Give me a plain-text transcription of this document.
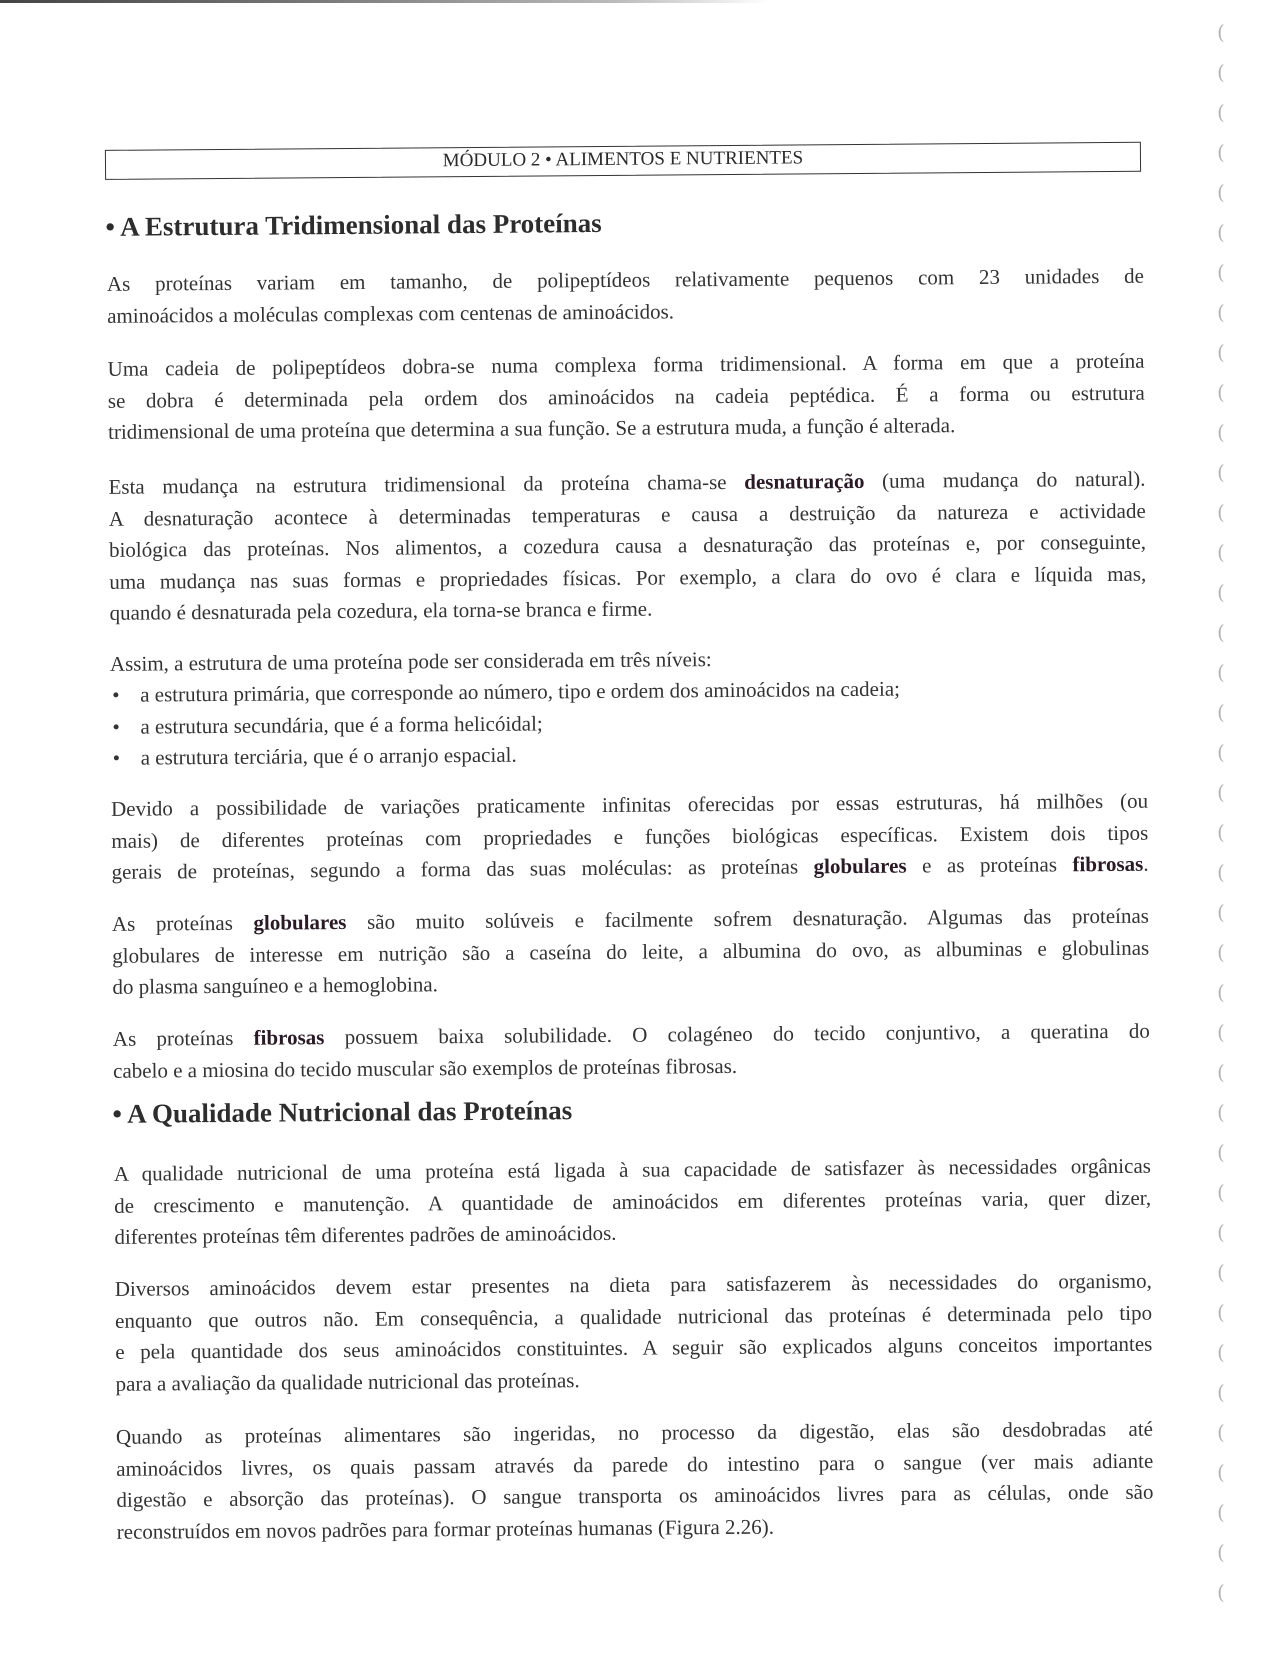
MÓDULO 2 • ALIMENTOS E NUTRIENTES
• A Estrutura Tridimensional das Proteínas
As proteínas variam em tamanho, de polipeptídeos relativamente pequenos com 23 unidades de
aminoácidos a moléculas complexas com centenas de aminoácidos.
Uma cadeia de polipeptídeos dobra-se numa complexa forma tridimensional. A forma em que a proteína
se dobra é determinada pela ordem dos aminoácidos na cadeia peptédica. É a forma ou estrutura
tridimensional de uma proteína que determina a sua função. Se a estrutura muda, a função é alterada.
Esta mudança na estrutura tridimensional da proteína chama-se desnaturação (uma mudança do natural).
A desnaturação acontece à determinadas temperaturas e causa a destruição da natureza e actividade
biológica das proteínas. Nos alimentos, a cozedura causa a desnaturação das proteínas e, por conseguinte,
uma mudança nas suas formas e propriedades físicas. Por exemplo, a clara do ovo é clara e líquida mas,
quando é desnaturada pela cozedura, ela torna-se branca e firme.
Assim, a estrutura de uma proteína pode ser considerada em três níveis:
• a estrutura primária, que corresponde ao número, tipo e ordem dos aminoácidos na cadeia;
• a estrutura secundária, que é a forma helicóidal;
• a estrutura terciária, que é o arranjo espacial.
Devido a possibilidade de variações praticamente infinitas oferecidas por essas estruturas, há milhões (ou
mais) de diferentes proteínas com propriedades e funções biológicas específicas. Existem dois tipos
gerais de proteínas, segundo a forma das suas moléculas: as proteínas globulares e as proteínas fibrosas.
As proteínas globulares são muito solúveis e facilmente sofrem desnaturação. Algumas das proteínas
globulares de interesse em nutrição são a caseína do leite, a albumina do ovo, as albuminas e globulinas
do plasma sanguíneo e a hemoglobina.
As proteínas fibrosas possuem baixa solubilidade. O colagéneo do tecido conjuntivo, a queratina do
cabelo e a miosina do tecido muscular são exemplos de proteínas fibrosas.
• A Qualidade Nutricional das Proteínas
A qualidade nutricional de uma proteína está ligada à sua capacidade de satisfazer às necessidades orgânicas
de crescimento e manutenção. A quantidade de aminoácidos em diferentes proteínas varia, quer dizer,
diferentes proteínas têm diferentes padrões de aminoácidos.
Diversos aminoácidos devem estar presentes na dieta para satisfazerem às necessidades do organismo,
enquanto que outros não. Em consequência, a qualidade nutricional das proteínas é determinada pelo tipo
e pela quantidade dos seus aminoácidos constituintes. A seguir são explicados alguns conceitos importantes
para a avaliação da qualidade nutricional das proteínas.
Quando as proteínas alimentares são ingeridas, no processo da digestão, elas são desdobradas até
aminoácidos livres, os quais passam através da parede do intestino para o sangue (ver mais adiante
digestão e absorção das proteínas). O sangue transporta os aminoácidos livres para as células, onde são
reconstruídos em novos padrões para formar proteínas humanas (Figura 2.26).
(
(
(
(
(
(
(
(
(
(
(
(
(
(
(
(
(
(
(
(
(
(
(
(
(
(
(
(
(
(
(
(
(
(
(
(
(
(
(
(
